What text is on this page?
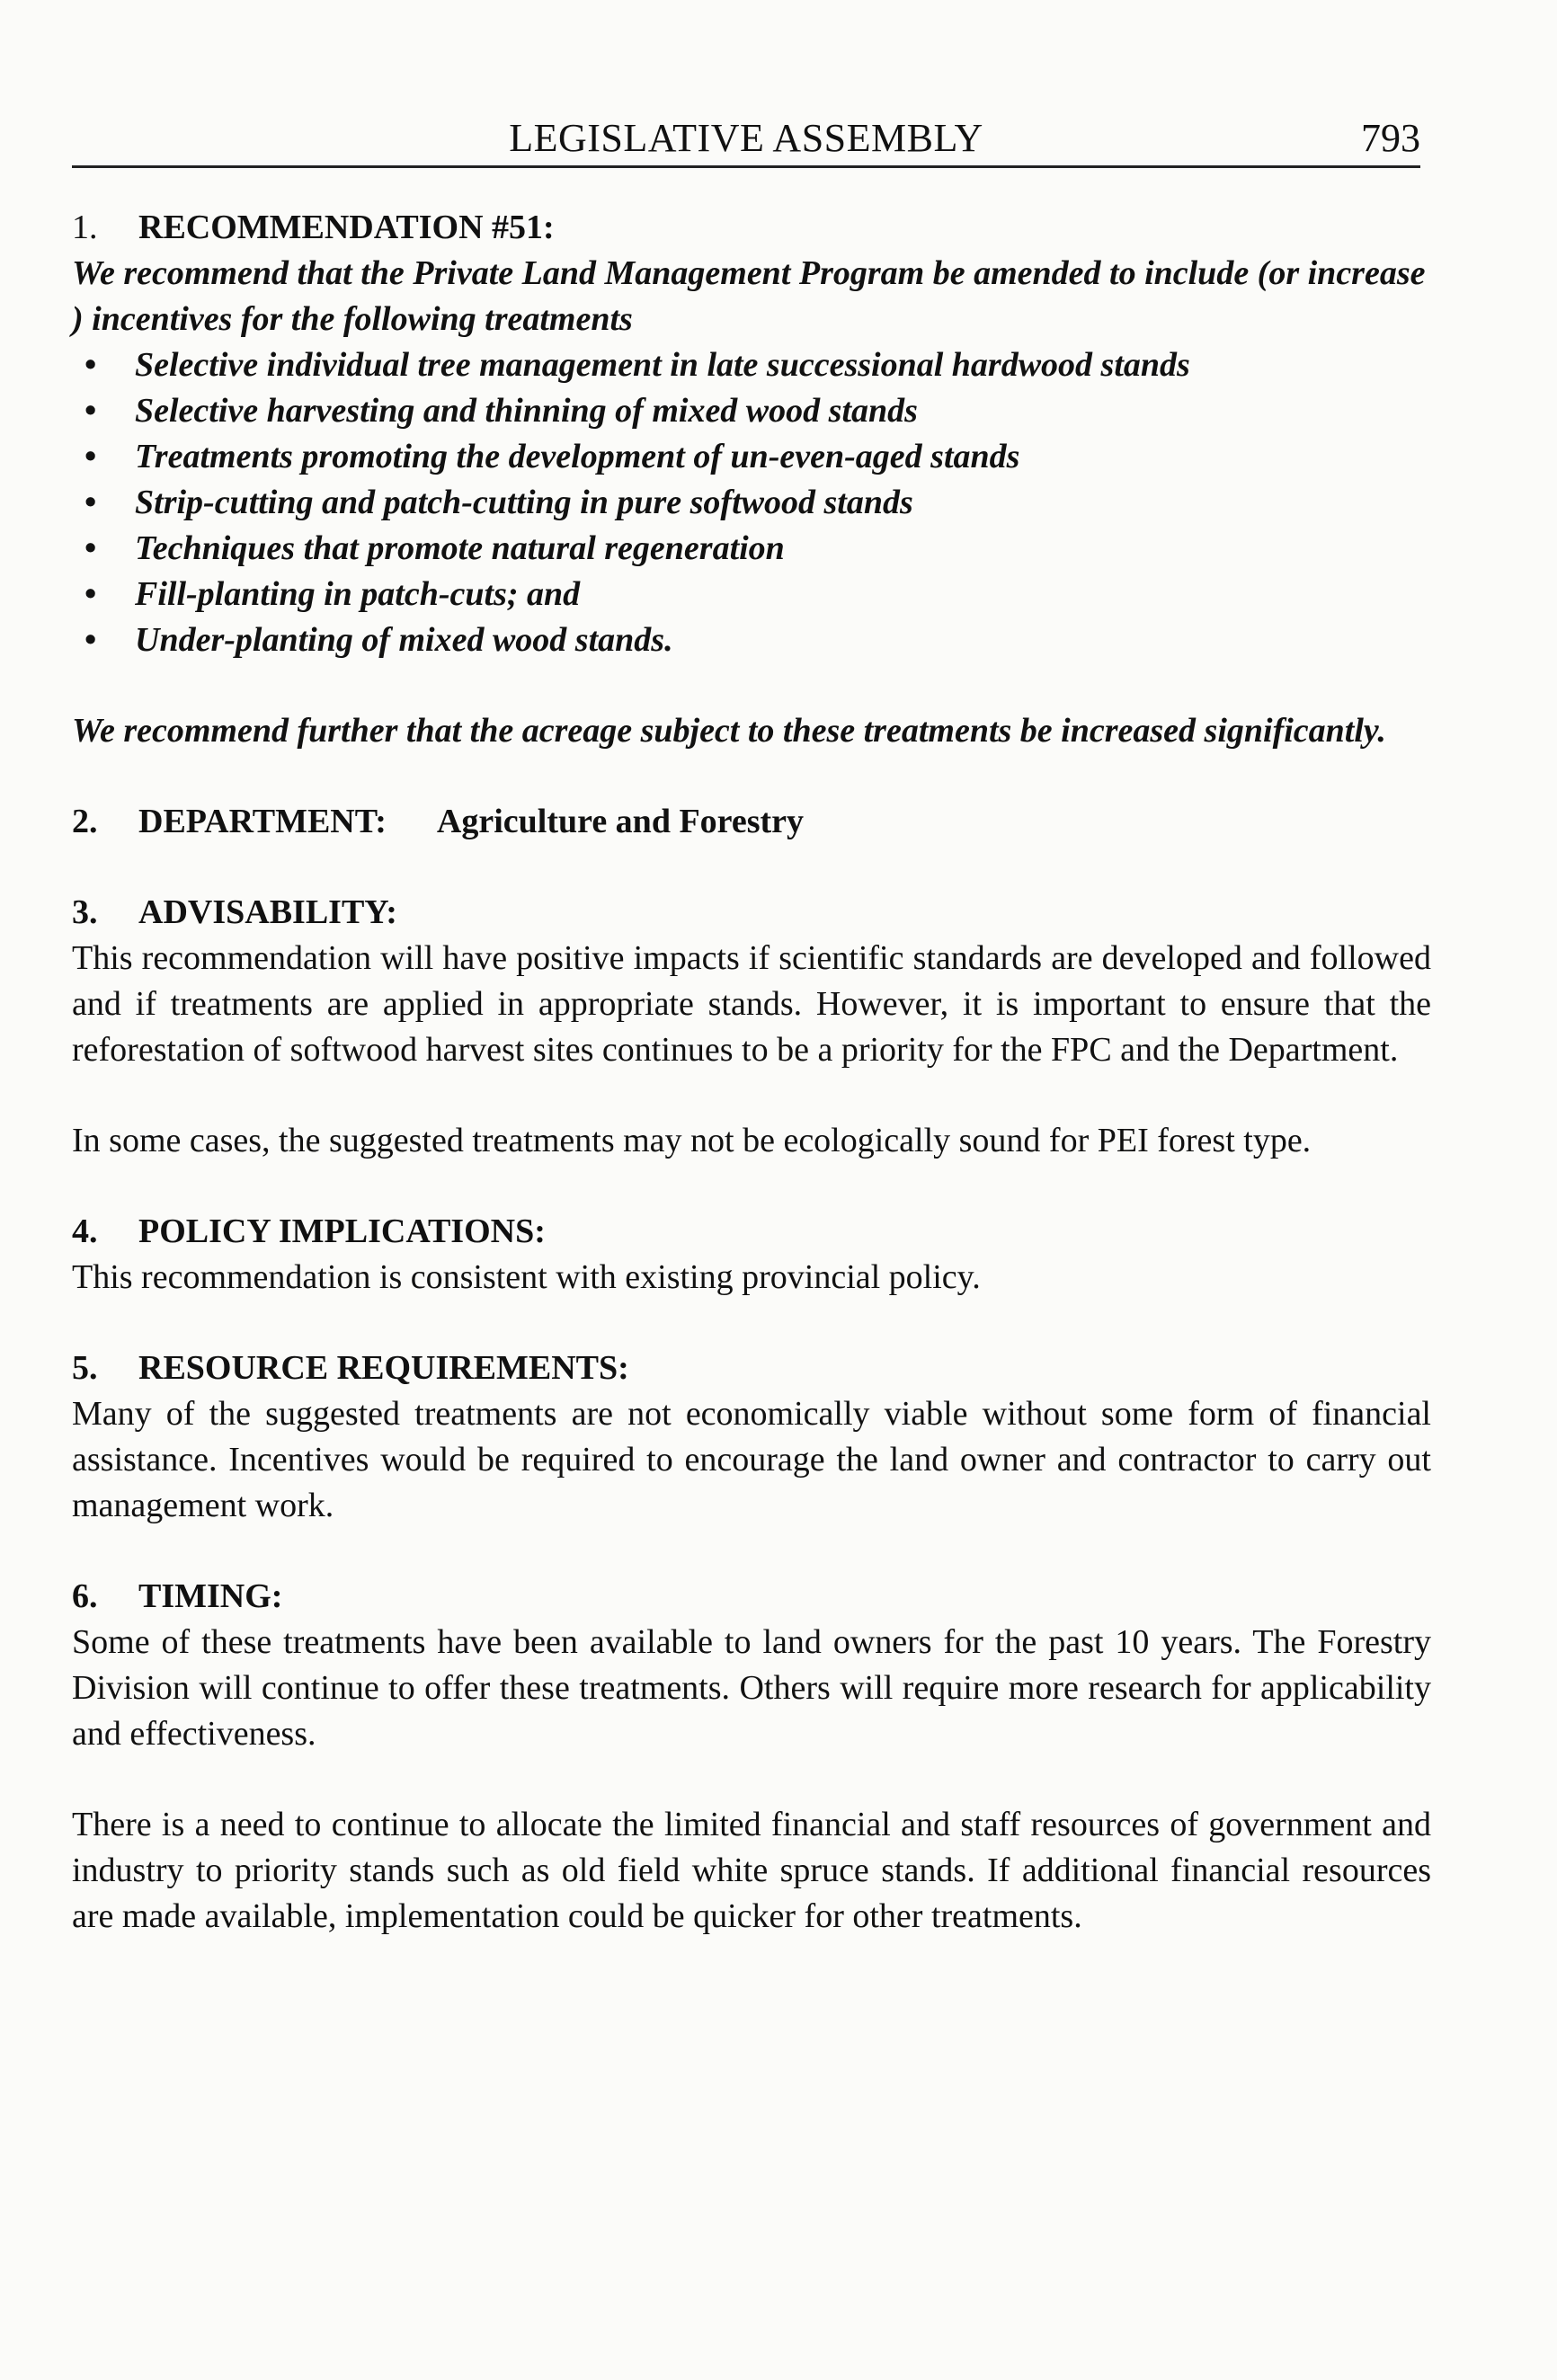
LEGISLATIVE ASSEMBLY	793
1. RECOMMENDATION #51:

We recommend that the Private Land Management Program be amended to include (or increase ) incentives for the following treatments

• Selective individual tree management in late successional hardwood stands
• Selective harvesting and thinning of mixed wood stands
• Treatments promoting the development of un-even-aged stands
• Strip-cutting and patch-cutting in pure softwood stands
• Techniques that promote natural regeneration
• Fill-planting in patch-cuts; and
• Under-planting of mixed wood stands.

We recommend further that the acreage subject to these treatments be increased significantly.

2. DEPARTMENT: Agriculture and Forestry
3. ADVISABILITY:

This recommendation will have positive impacts if scientific standards are developed and followed and if treatments are applied in appropriate stands. However, it is important to ensure that the reforestation of softwood harvest sites continues to be a priority for the FPC and the Department.

In some cases, the suggested treatments may not be ecologically sound for PEI forest type.

4. POLICY IMPLICATIONS:

This recommendation is consistent with existing provincial policy.

5. RESOURCE REQUIREMENTS:

Many of the suggested treatments are not economically viable without some form of financial assistance. Incentives would be required to encourage the land owner and contractor to carry out management work.

6. TIMING:

Some of these treatments have been available to land owners for the past 10 years. The Forestry Division will continue to offer these treatments. Others will require more research for applicability and effectiveness.

There is a need to continue to allocate the limited financial and staff resources of government and industry to priority stands such as old field white spruce stands. If additional financial resources are made available, implementation could be quicker for other treatments.
